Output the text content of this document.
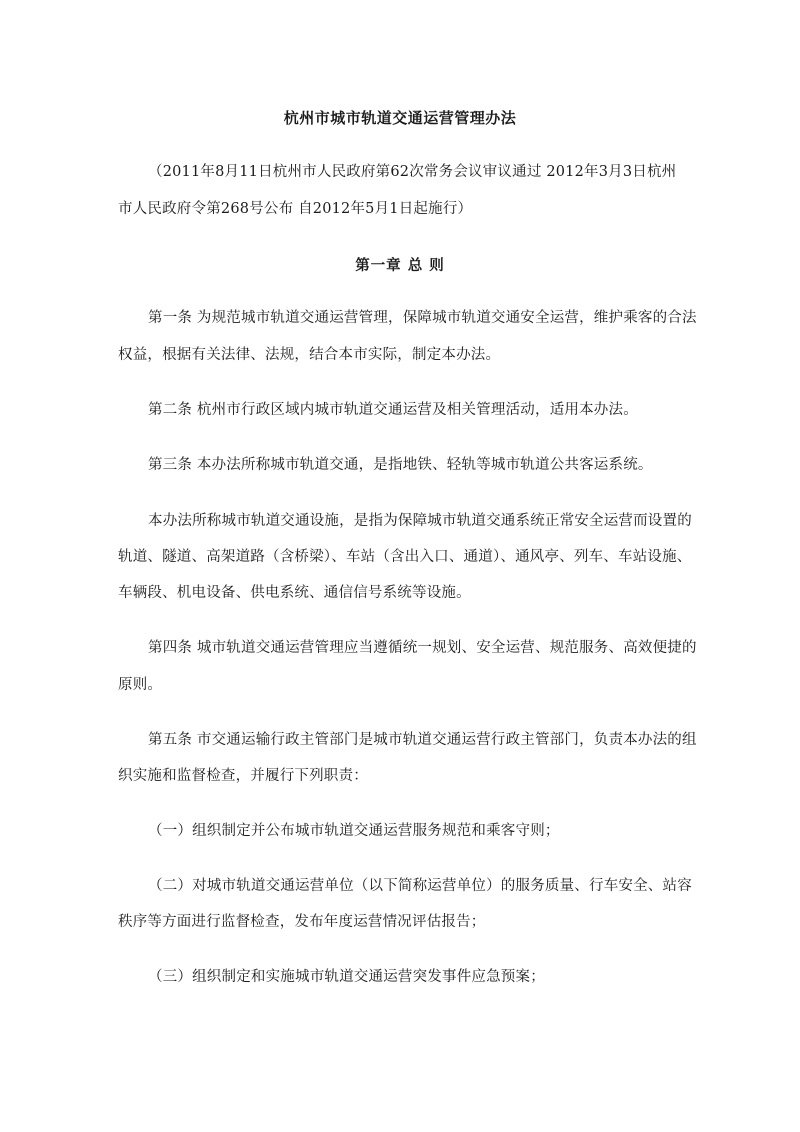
杭州市城市轨道交通运营管理办法
（2011年8月11日杭州市人民政府第62次常务会议审议通过 2012年3月3日杭州
市人民政府令第268号公布 自2012年5月1日起施行）
第一章 总 则
第一条 为规范城市轨道交通运营管理，保障城市轨道交通安全运营，维护乘客的合法
权益，根据有关法律、法规，结合本市实际，制定本办法。
第二条 杭州市行政区域内城市轨道交通运营及相关管理活动，适用本办法。
第三条 本办法所称城市轨道交通，是指地铁、轻轨等城市轨道公共客运系统。
本办法所称城市轨道交通设施，是指为保障城市轨道交通系统正常安全运营而设置的
轨道、隧道、高架道路（含桥梁）、车站（含出入口、通道）、通风亭、列车、车站设施、
车辆段、机电设备、供电系统、通信信号系统等设施。
第四条 城市轨道交通运营管理应当遵循统一规划、安全运营、规范服务、高效便捷的
原则。
第五条 市交通运输行政主管部门是城市轨道交通运营行政主管部门，负责本办法的组
织实施和监督检查，并履行下列职责：
（一）组织制定并公布城市轨道交通运营服务规范和乘客守则；
（二）对城市轨道交通运营单位（以下简称运营单位）的服务质量、行车安全、站容
秩序等方面进行监督检查，发布年度运营情况评估报告；
（三）组织制定和实施城市轨道交通运营突发事件应急预案；
